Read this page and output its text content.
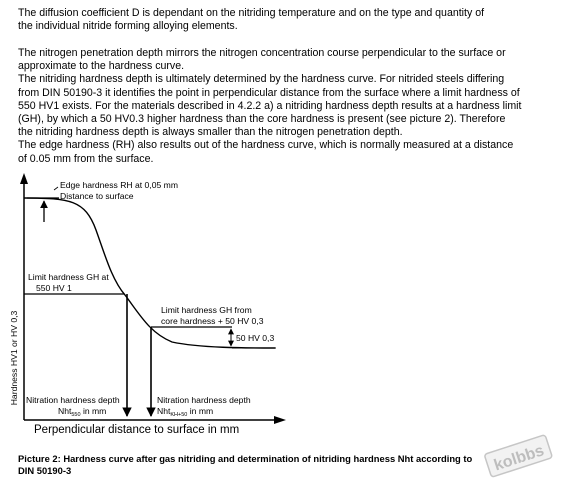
The diffusion coefficient D is dependant on the nitriding temperature and on the type and quantity of
the individual nitride forming alloying elements.

The nitrogen penetration depth mirrors the nitrogen concentration course perpendicular to the surface or
approximate to the hardness curve.
The nitriding hardness depth is ultimately determined by the hardness curve. For nitrided steels differing
from DIN 50190-3 it identifies the point in perpendicular distance from the surface where a limit hardness of
550 HV1 exists. For the materials described in 4.2.2 a) a nitriding hardness depth results at a hardness limit
(GH), by which a 50 HV0.3 higher hardness than the core hardness is present (see picture 2). Therefore
the nitriding hardness depth is always smaller than the nitrogen penetration depth.
The edge hardness (RH) also results out of the hardness curve, which is normally measured at a distance
of 0.05 mm from the surface.

Hardness HV1 or HV 0,3
Edge hardness RH at 0,05 mm
Distance to surface
Limit hardness GH at
550 HV 1
Limit hardness GH from
core hardness + 50 HV 0,3
50 HV 0,3
Nitration hardness depth
Nht$_{550}$ in mm
Nitration hardness depth
Nht$_{KH+50}$ in mm
Perpendicular distance to surface in mm

Picture 2: Hardness curve after gas nitriding and determination of nitriding hardness Nht according to
DIN 50190-3	kolbbs
